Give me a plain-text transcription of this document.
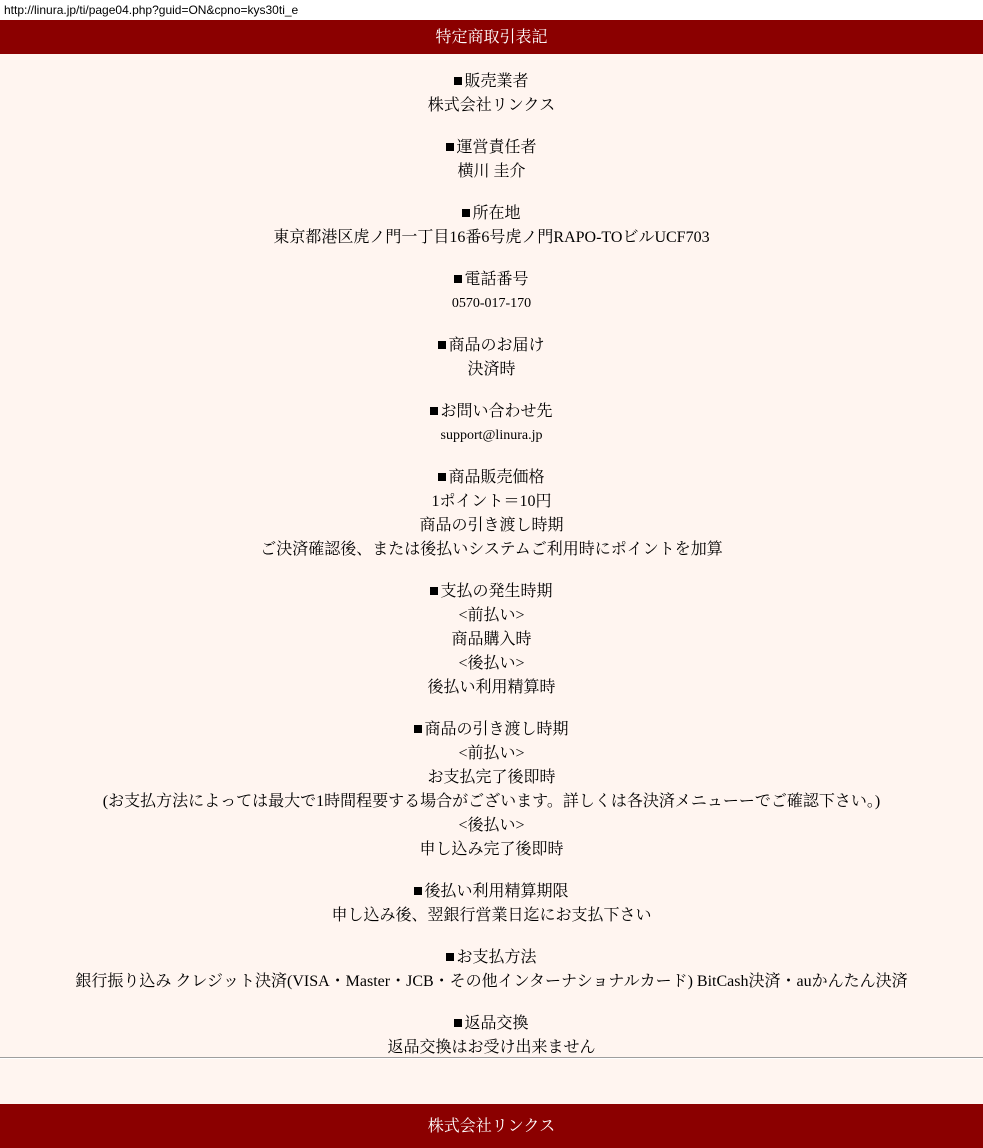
http://linura.jp/ti/page04.php?guid=ON&cpno=kys30ti_e
特定商取引表記
販売業者
株式会社リンクス
運営責任者
横川 圭介
所在地
東京都港区虎ノ門一丁目16番6号虎ノ門RAPO-TOビルUCF703
電話番号
0570-017-170
商品のお届け
決済時
お問い合わせ先
support@linura.jp
商品販売価格
1ポイント＝10円
商品の引き渡し時期
ご決済確認後、または後払いシステムご利用時にポイントを加算
支払の発生時期
<前払い>
商品購入時
<後払い>
後払い利用精算時
商品の引き渡し時期
<前払い>
お支払完了後即時
(お支払方法によっては最大で1時間程要する場合がございます。詳しくは各決済メニューーでご確認下さい。)
<後払い>
申し込み完了後即時
後払い利用精算期限
申し込み後、翌銀行営業日迄にお支払下さい
お支払方法
銀行振り込み クレジット決済(VISA・Master・JCB・その他インターナショナルカード) BitCash決済・auかんたん決済
返品交換
返品交換はお受け出来ません
株式会社リンクス
